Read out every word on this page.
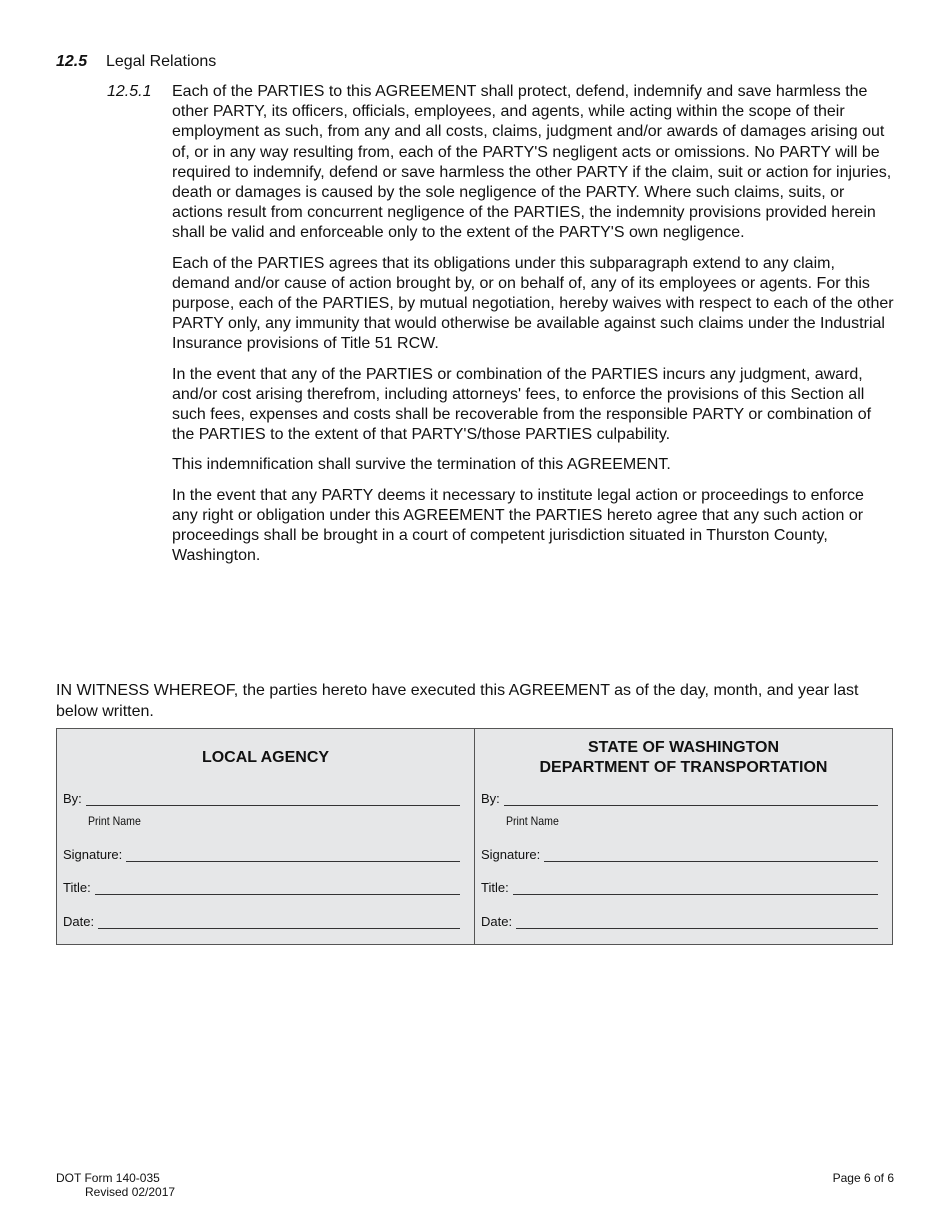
12.5 Legal Relations
12.5.1 Each of the PARTIES to this AGREEMENT shall protect, defend, indemnify and save harmless the other PARTY, its officers, officials, employees, and agents, while acting within the scope of their employment as such, from any and all costs, claims, judgment and/or awards of damages arising out of, or in any way resulting from, each of the PARTY'S negligent acts or omissions. No PARTY will be required to indemnify, defend or save harmless the other PARTY if the claim, suit or action for injuries, death or damages is caused by the sole negligence of the PARTY. Where such claims, suits, or actions result from concurrent negligence of the PARTIES, the indemnity provisions provided herein shall be valid and enforceable only to the extent of the PARTY'S own negligence.

Each of the PARTIES agrees that its obligations under this subparagraph extend to any claim, demand and/or cause of action brought by, or on behalf of, any of its employees or agents. For this purpose, each of the PARTIES, by mutual negotiation, hereby waives with respect to each of the other PARTY only, any immunity that would otherwise be available against such claims under the Industrial Insurance provisions of Title 51 RCW.

In the event that any of the PARTIES or combination of the PARTIES incurs any judgment, award, and/or cost arising therefrom, including attorneys' fees, to enforce the provisions of this Section all such fees, expenses and costs shall be recoverable from the responsible PARTY or combination of the PARTIES to the extent of that PARTY'S/those PARTIES culpability.

This indemnification shall survive the termination of this AGREEMENT.

In the event that any PARTY deems it necessary to institute legal action or proceedings to enforce any right or obligation under this AGREEMENT the PARTIES hereto agree that any such action or proceedings shall be brought in a court of competent jurisdiction situated in Thurston County, Washington.

IN WITNESS WHEREOF, the parties hereto have executed this AGREEMENT as of the day, month, and year last below written.
LOCAL AGENCY
By:
Print Name
Signature:
Title:
Date:
STATE OF WASHINGTON
DEPARTMENT OF TRANSPORTATION
By:
Print Name
Signature:
Title:
Date:
DOT Form 140-035
Revised 02/2017
Page 6 of 6
